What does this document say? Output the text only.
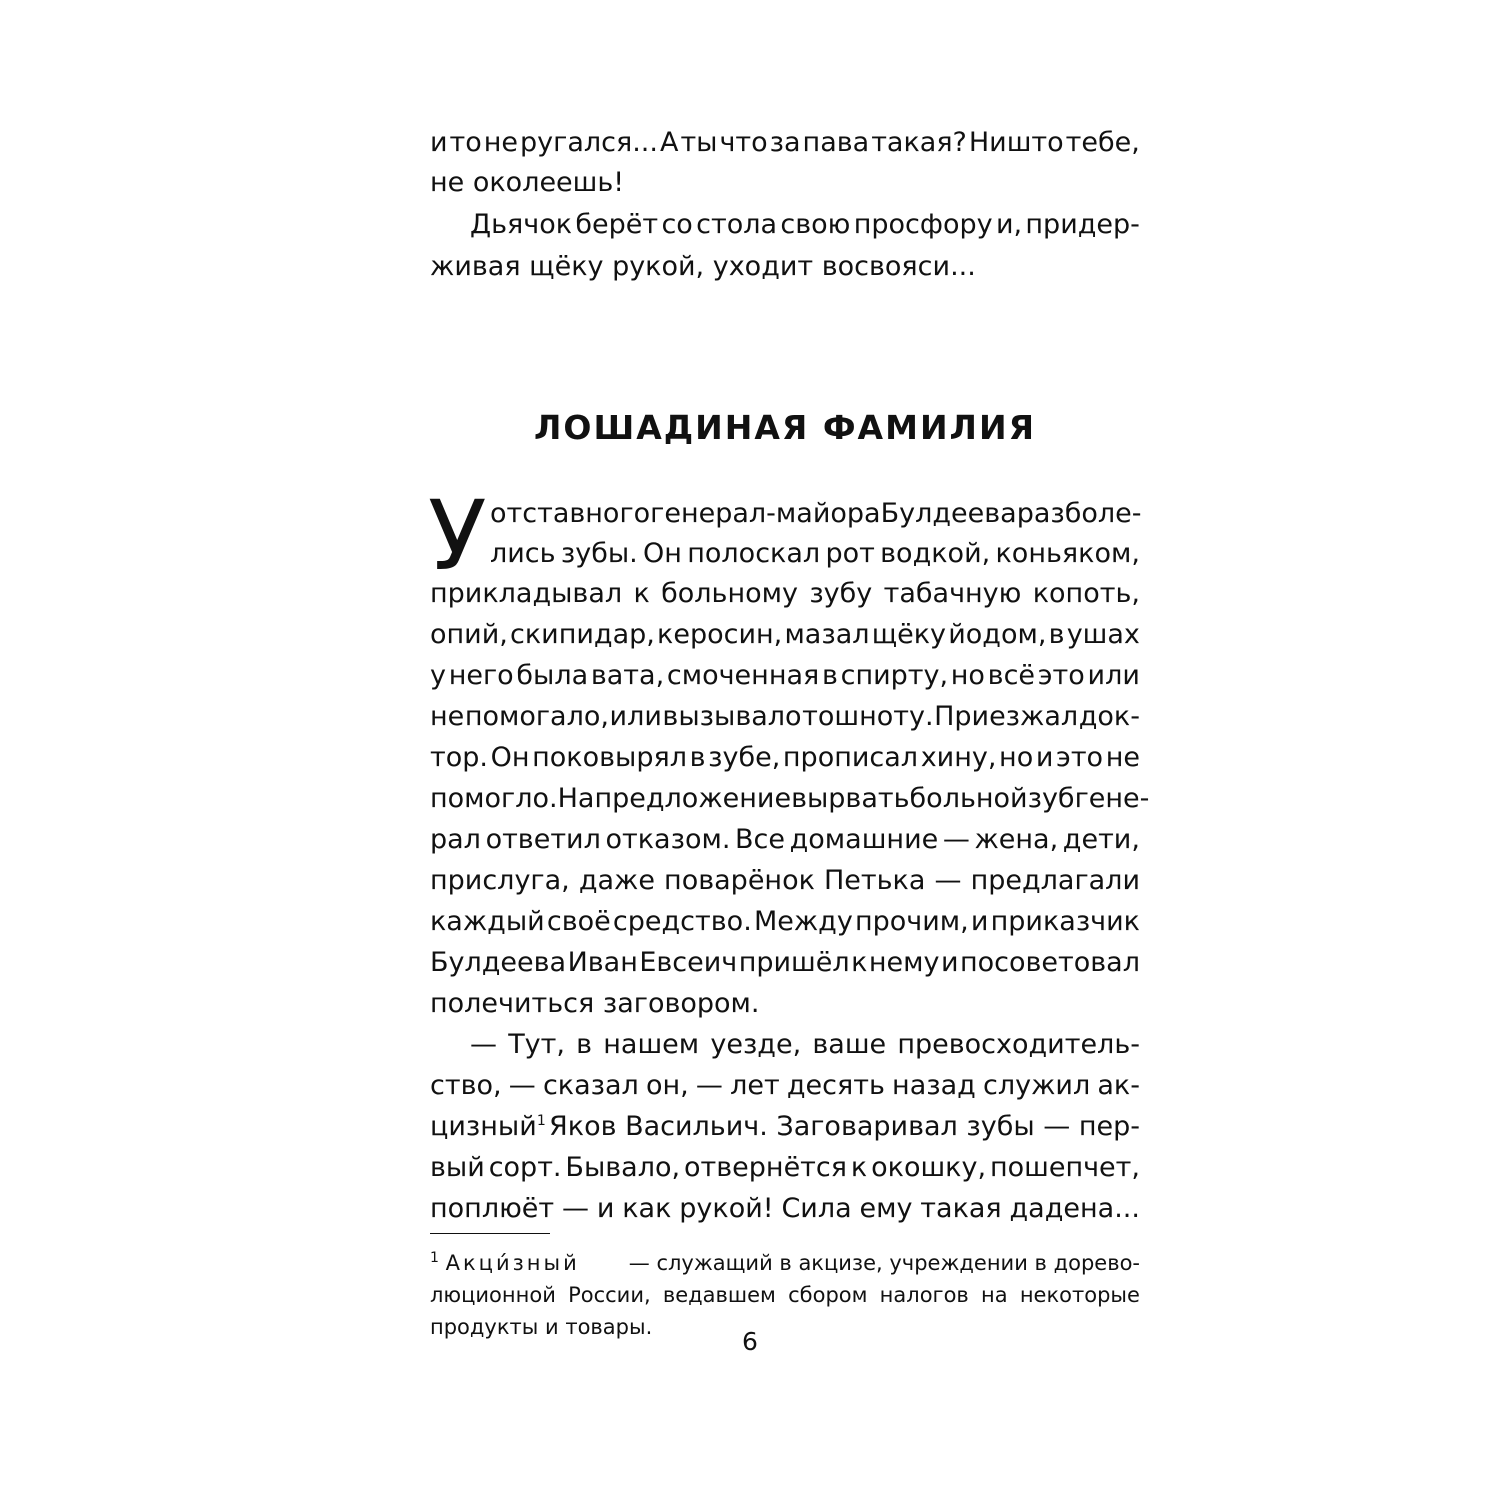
и то не ругался... А ты что за пава такая? Ништо тебе,
не околеешь!
Дьячок берёт со стола свою просфору и, придер-
живая щёку рукой, уходит восвояси...
ЛОШАДИНАЯ ФАМИЛИЯ
У отставного генерал-майора Булдеева разболе-
лись зубы. Он полоскал рот водкой, коньяком,
прикладывал к больному зубу табачную копоть,
опий, скипидар, керосин, мазал щёку йодом, в ушах
у него была вата, смоченная в спирту, но всё это или
не помогало, или вызывало тошноту. Приезжал док-
тор. Он поковырял в зубе, прописал хину, но и это не
помогло. На предложение вырвать больной зуб гене-
рал ответил отказом. Все домашние — жена, дети,
прислуга, даже поварёнок Петька — предлагали
каждый своё средство. Между прочим, и приказчик
Булдеева Иван Евсеич пришёл к нему и посоветовал
полечиться заговором.
— Тут, в нашем уезде, ваше превосходитель-
ство, — сказал он, — лет десять назад служил ак-
цизный$^1$ Яков Васильич. Заговаривал зубы — пер-
вый сорт. Бывало, отвернётся к окошку, пошепчет,
поплюёт — и как рукой! Сила ему такая дадена...
$^1$ Акци́зный — служащий в акцизе, учреждении в дорево-
люционной России, ведавшем сбором налогов на некоторые
продукты и товары.	6
